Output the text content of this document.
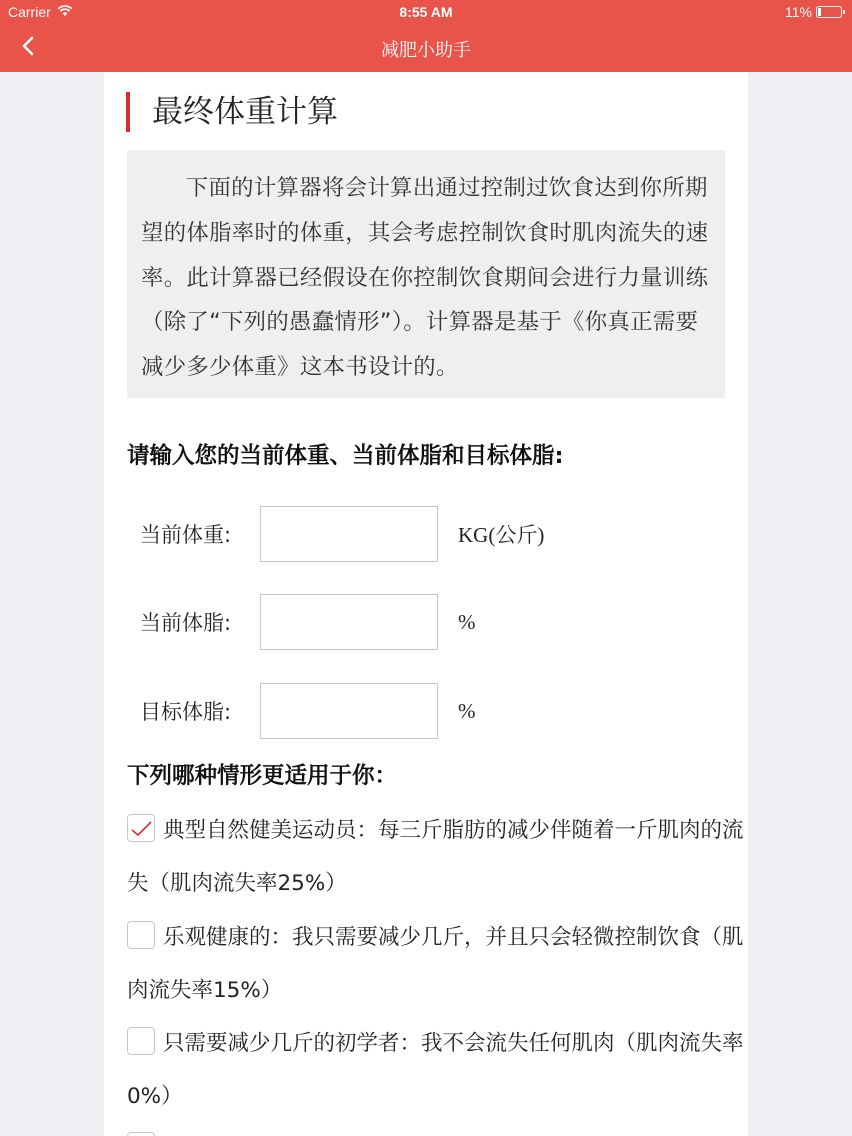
Carrier	8:55 AM	11%
减肥小助手
最终体重计算
下面的计算器将会计算出通过控制过饮食达到你所期望的体脂率时的体重，其会考虑控制饮食时肌肉流失的速率。此计算器已经假设在你控制饮食期间会进行力量训练（除了“下列的愚蠢情形”）。计算器是基于《你真正需要减少多少体重》这本书设计的。
请输入您的当前体重、当前体脂和目标体脂:
当前体重:	KG(公斤)
当前体脂:	%
目标体脂:	%
下列哪种情形更适用于你：
典型自然健美运动员：每三斤脂肪的减少伴随着一斤肌肉的流失（肌肉流失率25%）
乐观健康的：我只需要减少几斤，并且只会轻微控制饮食（肌肉流失率15%）
只需要减少几斤的初学者：我不会流失任何肌肉（肌肉流失率0%）
